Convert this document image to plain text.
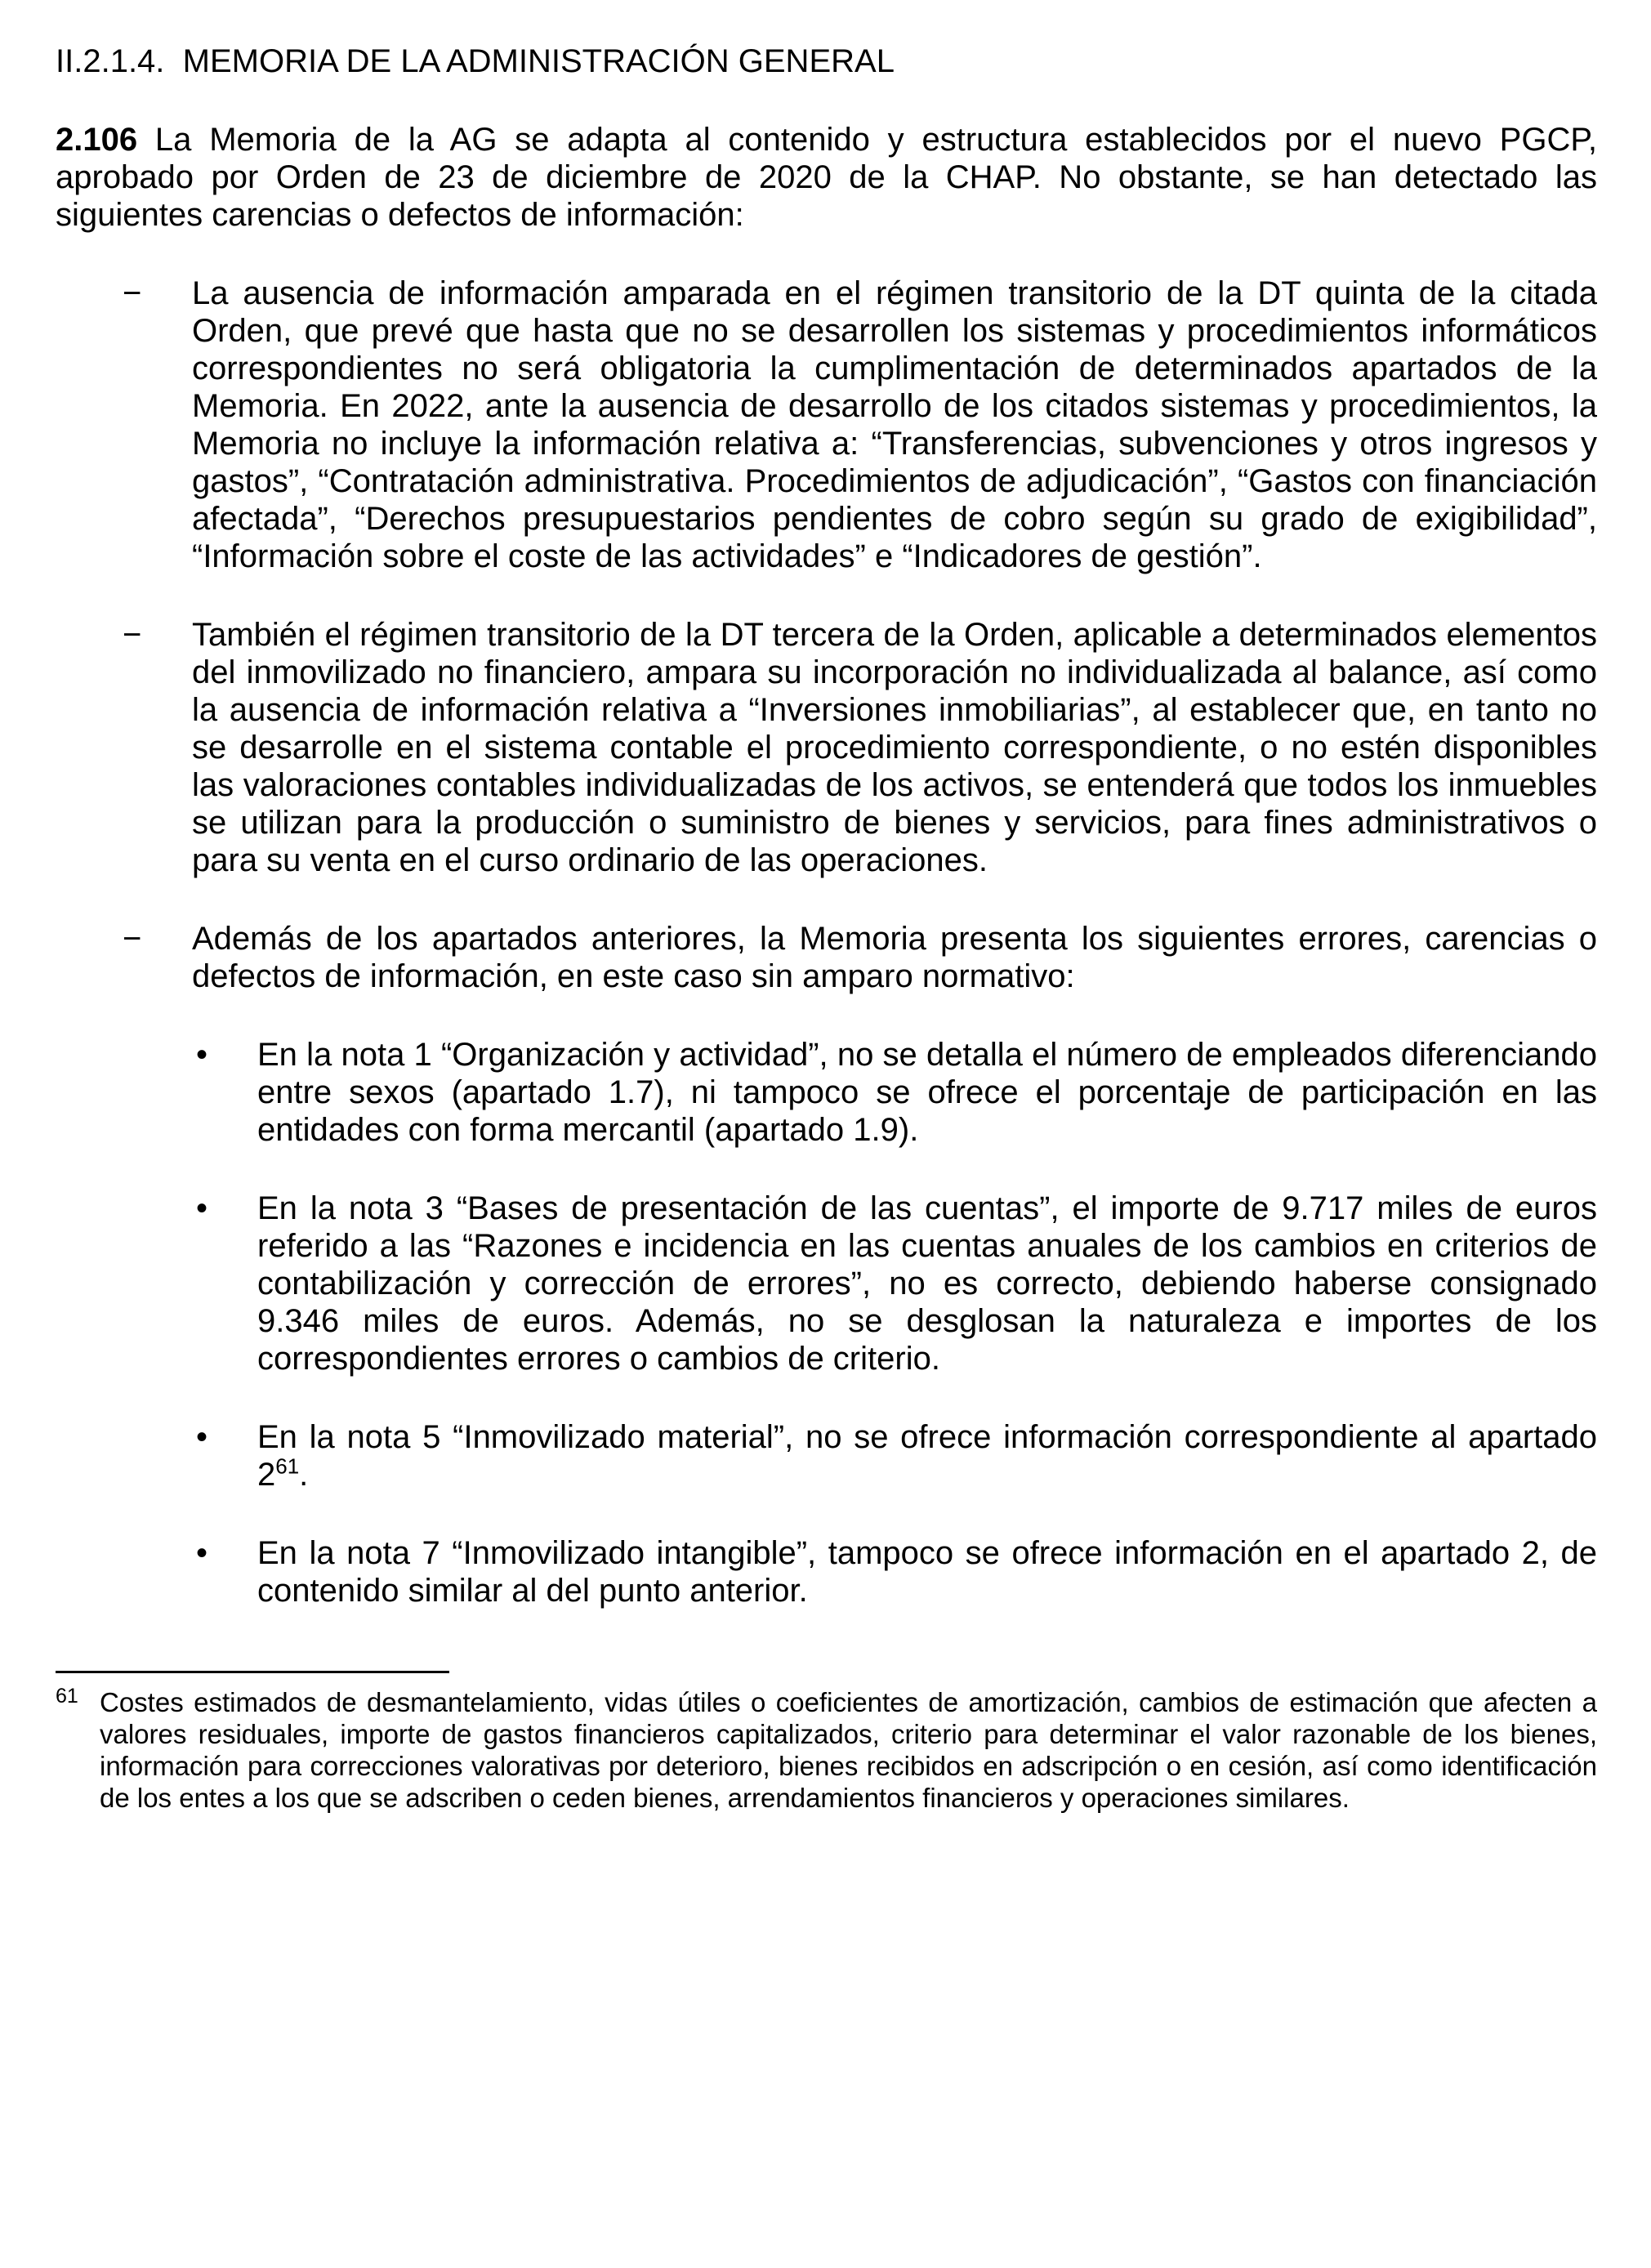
II.2.1.4.  MEMORIA DE LA ADMINISTRACIÓN GENERAL

2.106 La Memoria de la AG se adapta al contenido y estructura establecidos por el nuevo PGCP, aprobado por Orden de 23 de diciembre de 2020 de la CHAP. No obstante, se han detectado las siguientes carencias o defectos de información:

− La ausencia de información amparada en el régimen transitorio de la DT quinta de la citada Orden, que prevé que hasta que no se desarrollen los sistemas y procedimientos informáticos correspondientes no será obligatoria la cumplimentación de determinados apartados de la Memoria. En 2022, ante la ausencia de desarrollo de los citados sistemas y procedimientos, la Memoria no incluye la información relativa a: “Transferencias, subvenciones y otros ingresos y gastos”, “Contratación administrativa. Procedimientos de adjudicación”, “Gastos con financiación afectada”, “Derechos presupuestarios pendientes de cobro según su grado de exigibilidad”, “Información sobre el coste de las actividades” e “Indicadores de gestión”.
− También el régimen transitorio de la DT tercera de la Orden, aplicable a determinados elementos del inmovilizado no financiero, ampara su incorporación no individualizada al balance, así como la ausencia de información relativa a “Inversiones inmobiliarias”, al establecer que, en tanto no se desarrolle en el sistema contable el procedimiento correspondiente, o no estén disponibles las valoraciones contables individualizadas de los activos, se entenderá que todos los inmuebles se utilizan para la producción o suministro de bienes y servicios, para fines administrativos o para su venta en el curso ordinario de las operaciones.
− Además de los apartados anteriores, la Memoria presenta los siguientes errores, carencias o defectos de información, en este caso sin amparo normativo:
• En la nota 1 “Organización y actividad”, no se detalla el número de empleados diferenciando entre sexos (apartado 1.7), ni tampoco se ofrece el porcentaje de participación en las entidades con forma mercantil (apartado 1.9).
• En la nota 3 “Bases de presentación de las cuentas”, el importe de 9.717 miles de euros referido a las “Razones e incidencia en las cuentas anuales de los cambios en criterios de contabilización y corrección de errores”, no es correcto, debiendo haberse consignado 9.346 miles de euros. Además, no se desglosan la naturaleza e importes de los correspondientes errores o cambios de criterio.
• En la nota 5 “Inmovilizado material”, no se ofrece información correspondiente al apartado $2^{61}$.
• En la nota 7 “Inmovilizado intangible”, tampoco se ofrece información en el apartado 2, de contenido similar al del punto anterior.
61 Costes estimados de desmantelamiento, vidas útiles o coeficientes de amortización, cambios de estimación que afecten a valores residuales, importe de gastos financieros capitalizados, criterio para determinar el valor razonable de los bienes, información para correcciones valorativas por deterioro, bienes recibidos en adscripción o en cesión, así como identificación de los entes a los que se adscriben o ceden bienes, arrendamientos financieros y operaciones similares.
